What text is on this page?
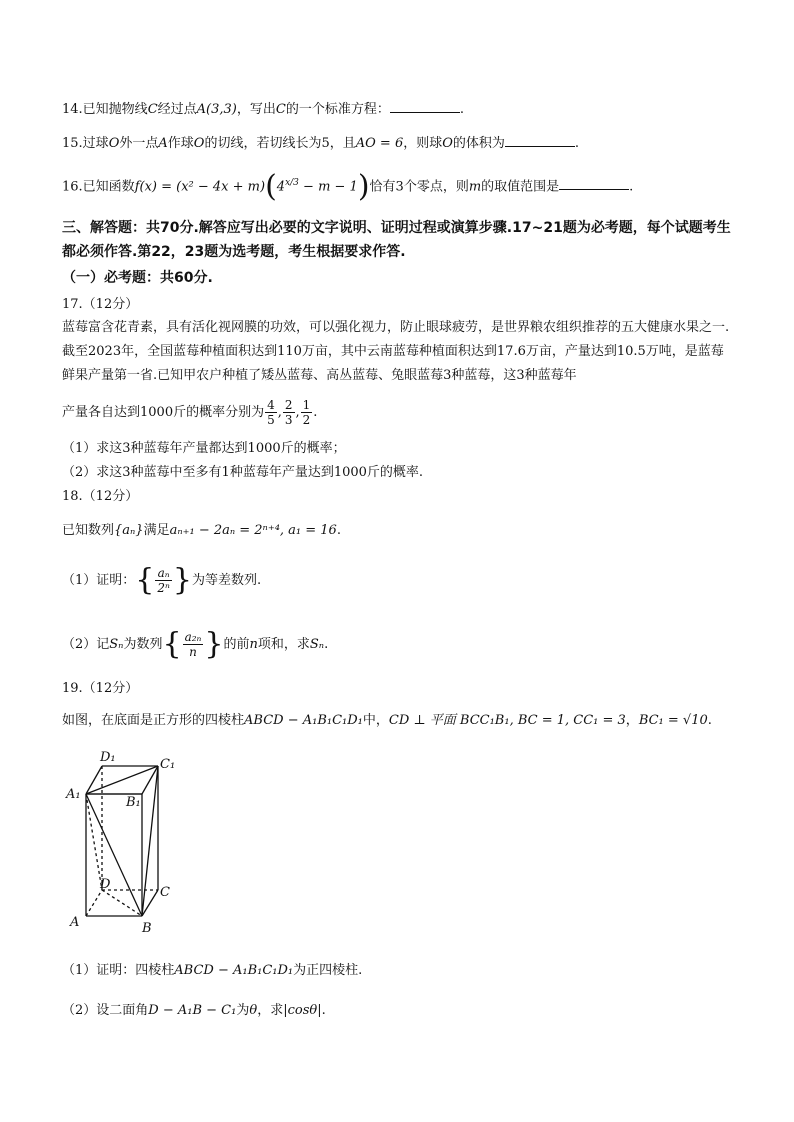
14.已知抛物线C经过点A(3,3)，写出C的一个标准方程：	.
15.过球O外一点A作球O的切线，若切线长为5，且AO = 6，则球O的体积为	.
16.已知函数$f(x) = (x^2 - 4x + m)(4^{x/3} - m - 1)$恰有3个零点，则m的取值范围是	.
三、解答题：共70分.解答应写出必要的文字说明、证明过程或演算步骤.17~21题为必考题，每个试题考生都必须作答.第22，23题为选考题，考生根据要求作答.
（一）必考题：共60分.
17.（12分）
蓝莓富含花青素，具有活化视网膜的功效，可以强化视力，防止眼球疲劳，是世界粮农组织推荐的五大健康水果之一.截至2023年，全国蓝莓种植面积达到110万亩，其中云南蓝莓种植面积达到17.6万亩，产量达到10.5万吨，是蓝莓鲜果产量第一省.已知甲农户种植了矮丛蓝莓、高丛蓝莓、兔眼蓝莓3种蓝莓，这3种蓝莓年
产量各自达到1000斤的概率分别为 $\frac{4}{5}$ , $\frac{2}{3}$ , $\frac{1}{2}$ .
（1）求这3种蓝莓年产量都达到1000斤的概率；
（2）求这3种蓝莓中至多有1种蓝莓年产量达到1000斤的概率.
18.（12分）
已知数列{aₙ}满足aₙ₊₁ − 2aₙ = 2ⁿ⁺⁴, a₁ = 16.
（1）证明：{ $\frac{\text{aₙ}}{\text{2ⁿ}}$ }为等差数列.
（2）记Sₙ为数列{ $\frac{\text{a₂ₙ}}{n}$ }的前n项和，求Sₙ.
19.（12分）
如图，在底面是正方形的四棱柱ABCD − A₁B₁C₁D₁中，CD ⊥ 平面 BCC₁B₁, BC = 1, CC₁ = 3，BC₁ = √10.
D₁	C₁
A₁
B₁
D
C
A	B
（1）证明：四棱柱ABCD − A₁B₁C₁D₁为正四棱柱.
（2）设二面角D − A₁B − C₁为θ，求|cosθ|.
